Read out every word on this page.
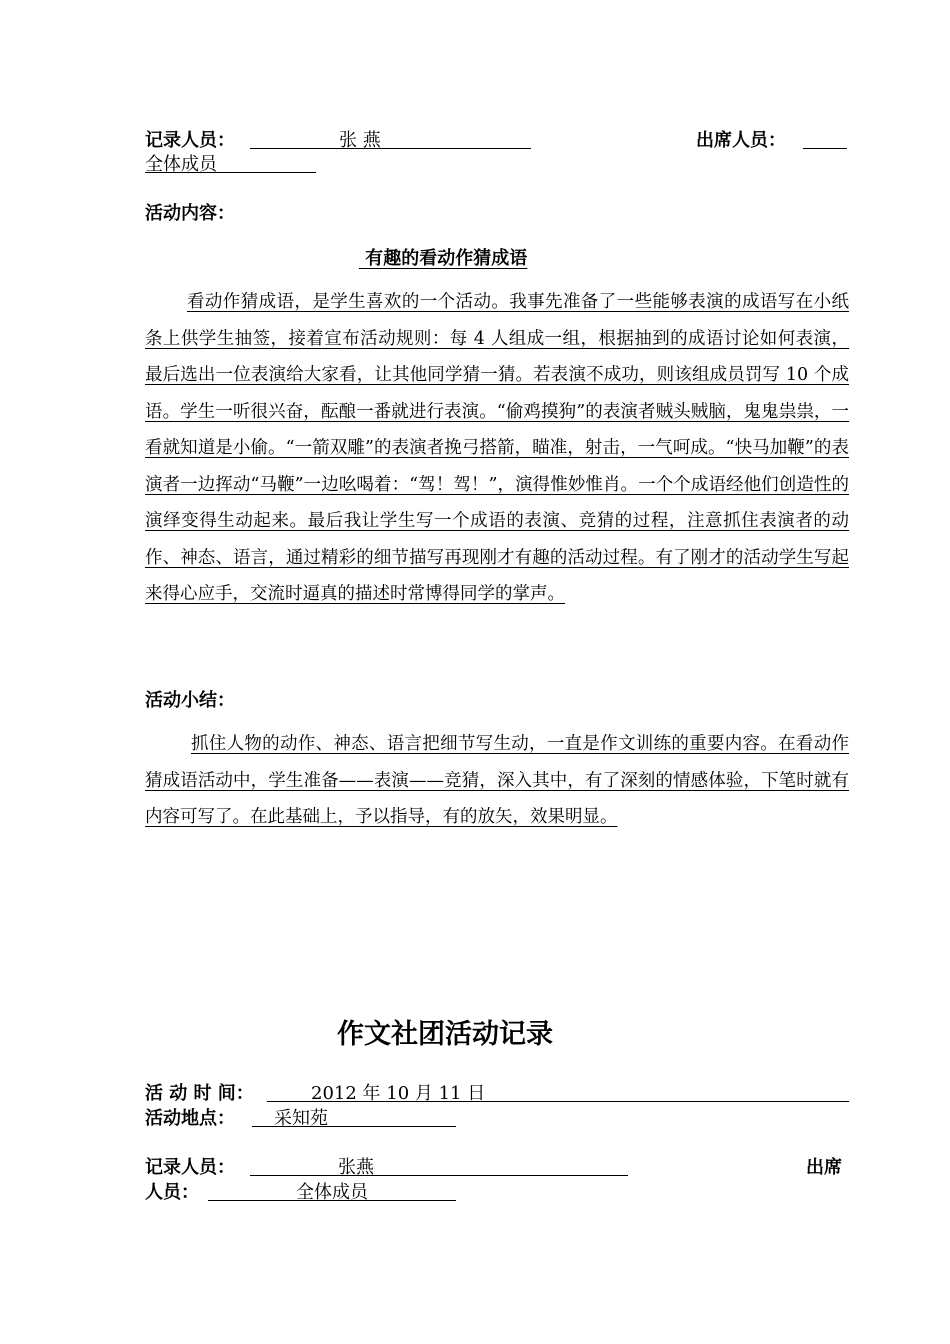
记录人员：	张 燕	出席人员：
全体成员
活动内容：
有趣的看动作猜成语
看动作猜成语，是学生喜欢的一个活动。我事先准备了一些能够表演的成语写在小纸条上供学生抽签，接着宣布活动规则：每 4 人组成一组，根据抽到的成语讨论如何表演，最后选出一位表演给大家看，让其他同学猜一猜。若表演不成功，则该组成员罚写 10 个成语。学生一听很兴奋，酝酿一番就进行表演。“偷鸡摸狗”的表演者贼头贼脑，鬼鬼祟祟，一看就知道是小偷。“一箭双雕”的表演者挽弓搭箭，瞄准，射击，一气呵成。“快马加鞭”的表演者一边挥动“马鞭”一边吆喝着：“驾！驾！”，演得惟妙惟肖。一个个成语经他们创造性的演绎变得生动起来。最后我让学生写一个成语的表演、竞猜的过程，注意抓住表演者的动作、神态、语言，通过精彩的细节描写再现刚才有趣的活动过程。有了刚才的活动学生写起来得心应手，交流时逼真的描述时常博得同学的掌声。
活动小结：
抓住人物的动作、神态、语言把细节写生动，一直是作文训练的重要内容。在看动作猜成语活动中，学生准备——表演——竞猜，深入其中，有了深刻的情感体验，下笔时就有内容可写了。在此基础上，予以指导，有的放矢，效果明显。
作文社团活动记录
活 动 时 间：	2012 年 10 月 11 日
活动地点： 采知苑
记录人员：	张燕	出席
人员：	全体成员
